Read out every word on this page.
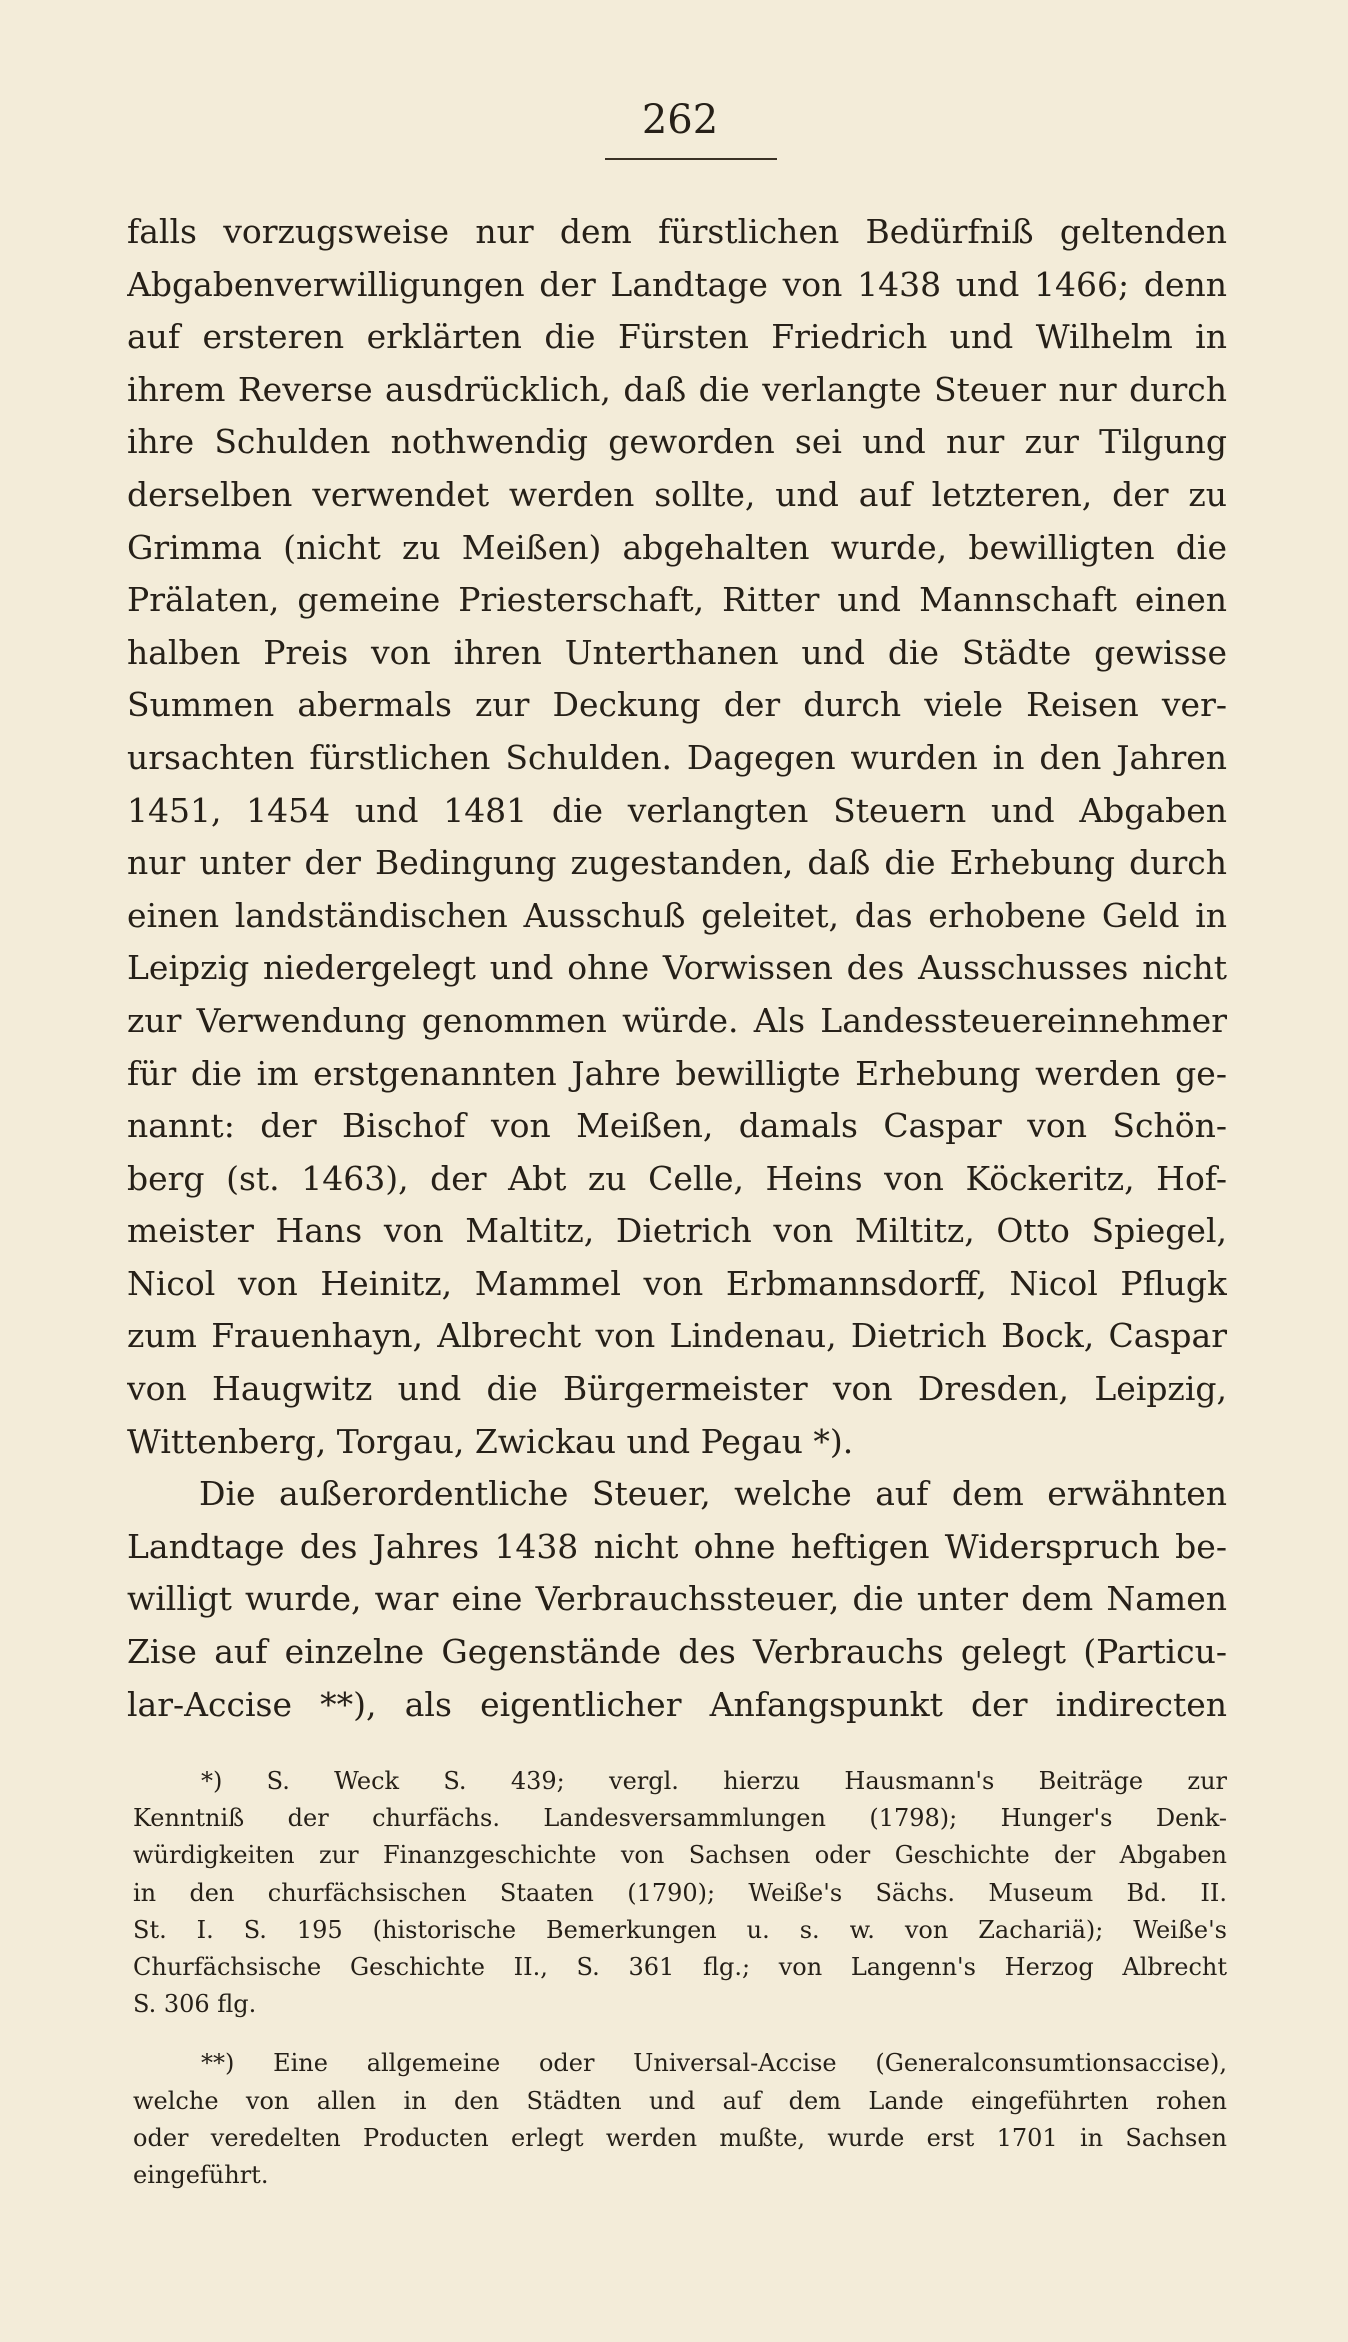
262
falls vorzugsweise nur dem fürstlichen Bedürfniß geltenden
Abgabenverwilligungen der Landtage von 1438 und 1466; denn
auf ersteren erklärten die Fürsten Friedrich und Wilhelm in
ihrem Reverse ausdrücklich, daß die verlangte Steuer nur durch
ihre Schulden nothwendig geworden sei und nur zur Tilgung
derselben verwendet werden sollte, und auf letzteren, der zu
Grimma (nicht zu Meißen) abgehalten wurde, bewilligten die
Prälaten, gemeine Priesterschaft, Ritter und Mannschaft einen
halben Preis von ihren Unterthanen und die Städte gewisse
Summen abermals zur Deckung der durch viele Reisen ver-
ursachten fürstlichen Schulden. Dagegen wurden in den Jahren
1451, 1454 und 1481 die verlangten Steuern und Abgaben
nur unter der Bedingung zugestanden, daß die Erhebung durch
einen landständischen Ausschuß geleitet, das erhobene Geld in
Leipzig niedergelegt und ohne Vorwissen des Ausschusses nicht
zur Verwendung genommen würde. Als Landessteuereinnehmer
für die im erstgenannten Jahre bewilligte Erhebung werden ge-
nannt: der Bischof von Meißen, damals Caspar von Schön-
berg (st. 1463), der Abt zu Celle, Heins von Köckeritz, Hof-
meister Hans von Maltitz, Dietrich von Miltitz, Otto Spiegel,
Nicol von Heinitz, Mammel von Erbmannsdorff, Nicol Pflugk
zum Frauenhayn, Albrecht von Lindenau, Dietrich Bock, Caspar
von Haugwitz und die Bürgermeister von Dresden, Leipzig,
Wittenberg, Torgau, Zwickau und Pegau *).
Die außerordentliche Steuer, welche auf dem erwähnten
Landtage des Jahres 1438 nicht ohne heftigen Widerspruch be-
willigt wurde, war eine Verbrauchssteuer, die unter dem Namen
Zise auf einzelne Gegenstände des Verbrauchs gelegt (Particu-
lar-Accise **), als eigentlicher Anfangspunkt der indirecten
*) S. Weck S. 439; vergl. hierzu Hausmann's Beiträge zur
Kenntniß der churfächs. Landesversammlungen (1798); Hunger's Denk-
würdigkeiten zur Finanzgeschichte von Sachsen oder Geschichte der Abgaben
in den churfächsischen Staaten (1790); Weiße's Sächs. Museum Bd. II.
St. I. S. 195 (historische Bemerkungen u. s. w. von Zachariä); Weiße's
Churfächsische Geschichte II., S. 361 flg.; von Langenn's Herzog Albrecht
S. 306 flg.
**) Eine allgemeine oder Universal-Accise (Generalconsumtionsaccise),
welche von allen in den Städten und auf dem Lande eingeführten rohen
oder veredelten Producten erlegt werden mußte, wurde erst 1701 in Sachsen
eingeführt.
